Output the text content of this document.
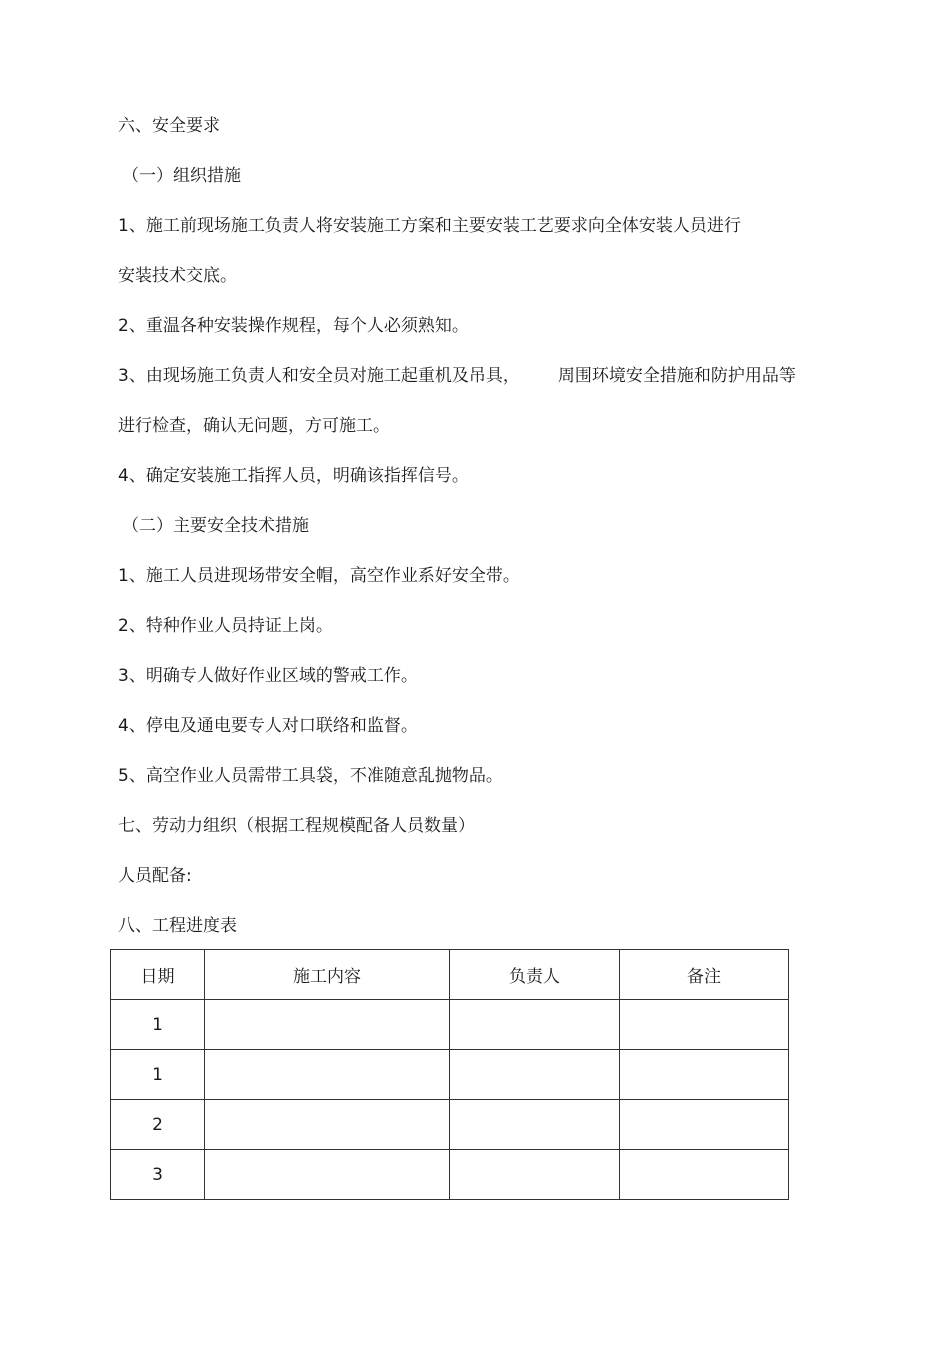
六、安全要求
（一）组织措施
1、施工前现场施工负责人将安装施工方案和主要安装工艺要求向全体安装人员进行
安装技术交底。
2、重温各种安装操作规程，每个人必须熟知。
3、由现场施工负责人和安全员对施工起重机及吊具， 周围环境安全措施和防护用品等
进行检查，确认无问题，方可施工。
4、确定安装施工指挥人员，明确该指挥信号。
（二）主要安全技术措施
1、施工人员进现场带安全帽，高空作业系好安全带。
2、特种作业人员持证上岗。
3、明确专人做好作业区域的警戒工作。
4、停电及通电要专人对口联络和监督。
5、高空作业人员需带工具袋，不准随意乱抛物品。
七、劳动力组织（根据工程规模配备人员数量）
人员配备:
八、工程进度表
日期	施工内容	负责人	备注
1			
1			
2			
3			
